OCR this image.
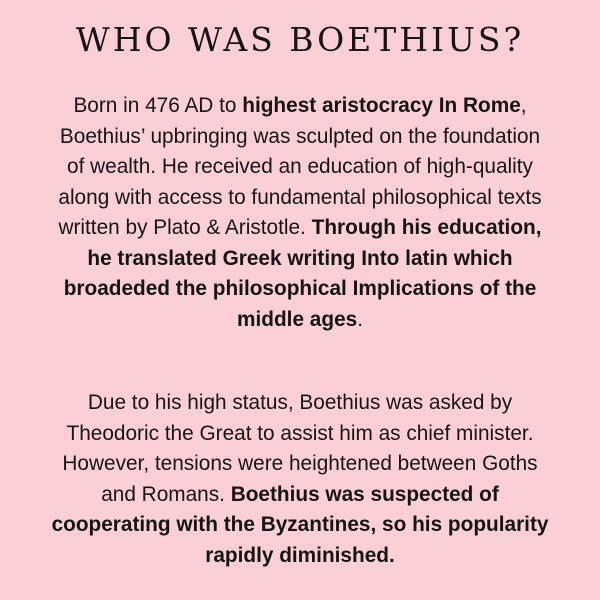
WHO WAS BOETHIUS?

Born in 476 AD to highest aristocracy In Rome,
Boethius’ upbringing was sculpted on the foundation
of wealth. He received an education of high-quality
along with access to fundamental philosophical texts
written by Plato & Aristotle. Through his education,
he translated Greek writing Into latin which
broadeded the philosophical Implications of the
middle ages.

Due to his high status, Boethius was asked by
Theodoric the Great to assist him as chief minister.
However, tensions were heightened between Goths
and Romans. Boethius was suspected of
cooperating with the Byzantines, so his popularity
rapidly diminished.
